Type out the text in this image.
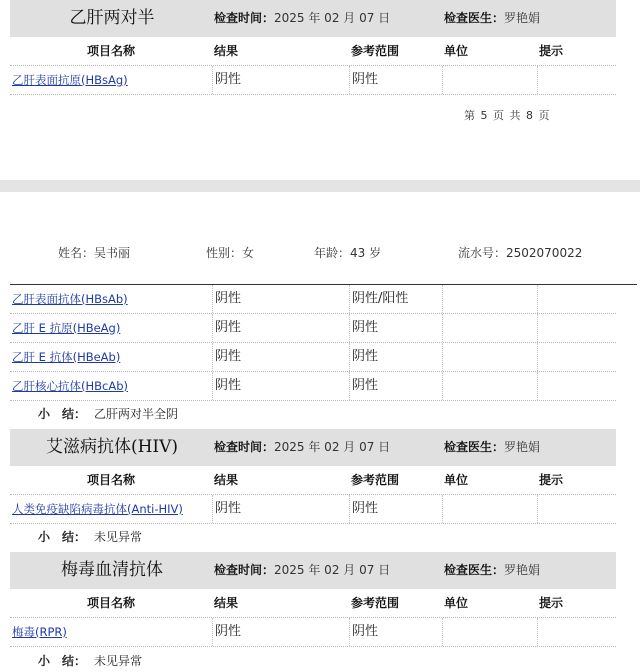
乙肝两对半	检查时间：2025 年 02 月 07 日	检查医生：罗艳娟
项目名称	结果	参考范围	单位	提示
乙肝表面抗原(HBsAg)	阴性	阴性
第 5 页 共 8 页
姓名：吴书丽	性别：女	年龄：43 岁	流水号：2502070022
乙肝表面抗体(HBsAb)	阴性	阴性/阳性
乙肝 E 抗原(HBeAg)	阴性	阴性
乙肝 E 抗体(HBeAb)	阴性	阴性
乙肝核心抗体(HBcAb)	阴性	阴性
小　结： 乙肝两对半全阴
艾滋病抗体(HIV)	检查时间：2025 年 02 月 07 日	检查医生：罗艳娟
项目名称	结果	参考范围	单位	提示
人类免疫缺陷病毒抗体(Anti-HIV) 阴性	阴性
小　结： 未见异常
梅毒血清抗体	检查时间：2025 年 02 月 07 日	检查医生：罗艳娟
项目名称	结果	参考范围	单位	提示
梅毒(RPR)	阴性	阴性
小　结： 未见异常
